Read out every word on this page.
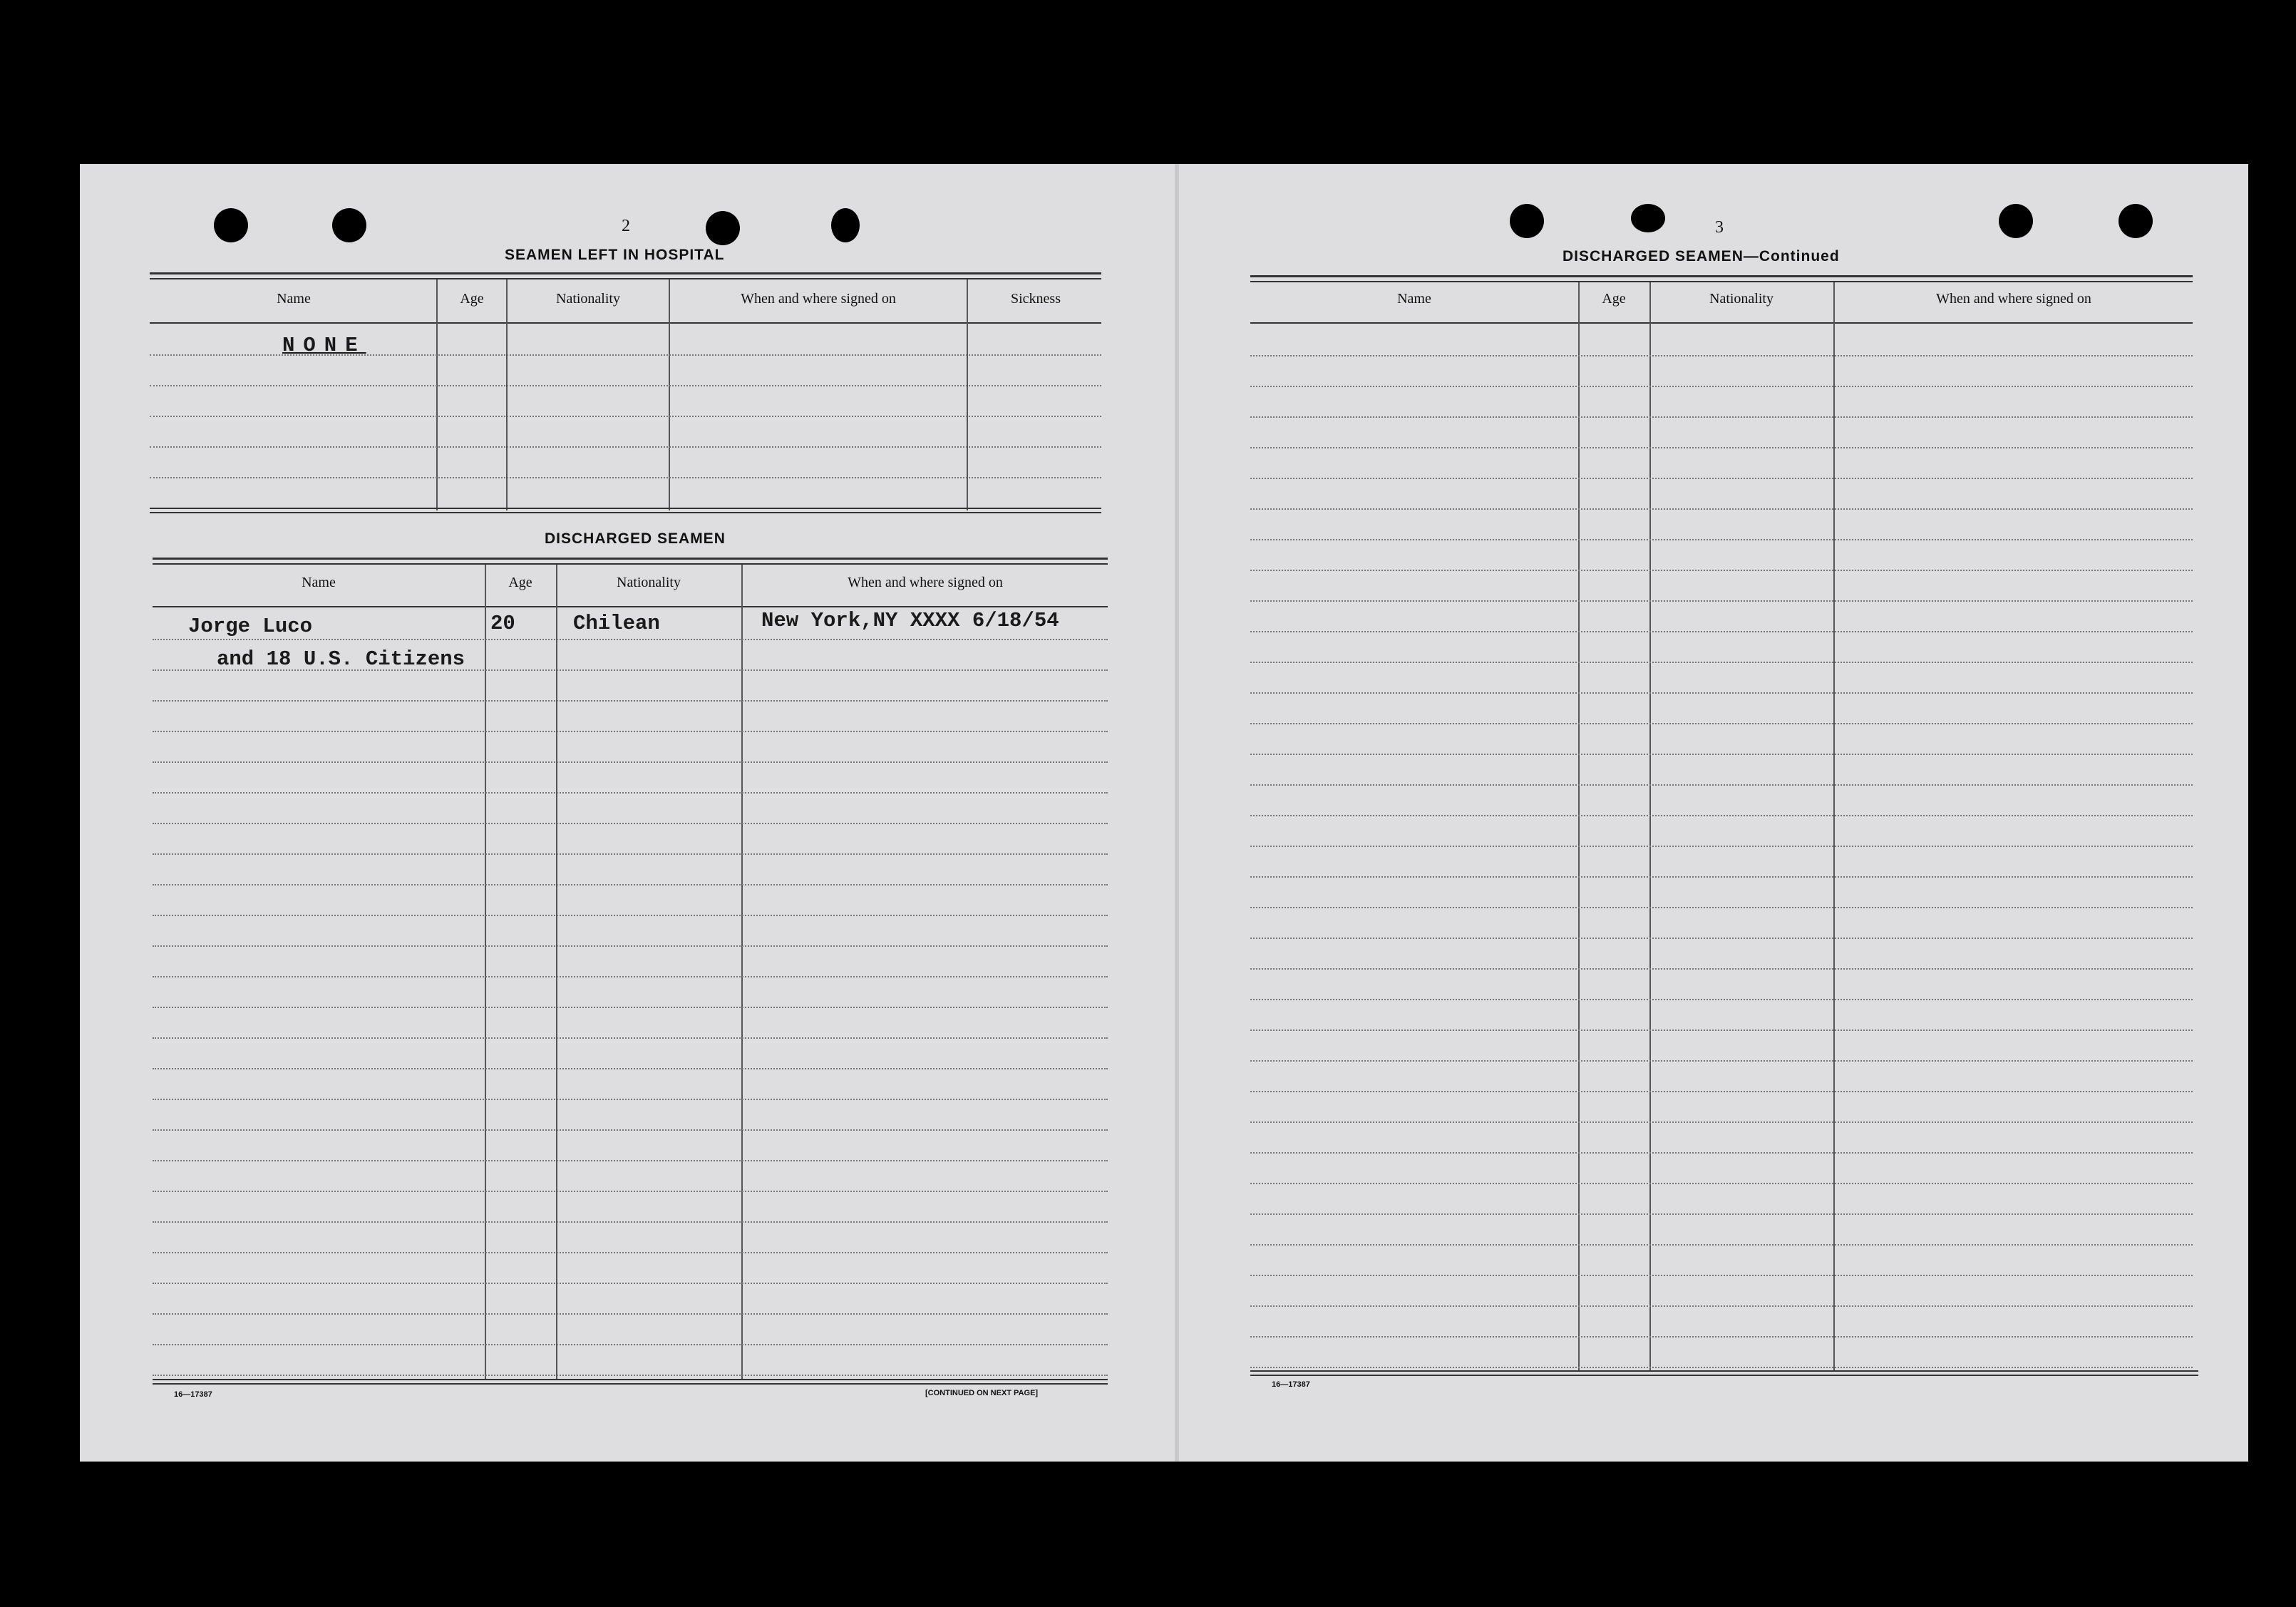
2
SEAMEN LEFT IN HOSPITAL
Name	Age	Nationality	When and where signed on	Sickness
NONE
DISCHARGED SEAMEN
Name	Age	Nationality	When and where signed on
Jorge Luco	20	Chilean	New York,NY XXXX 6/18/54
and 18 U.S. Citizens
16—17387	[CONTINUED ON NEXT PAGE]
3
DISCHARGED SEAMEN—Continued
Name	Age	Nationality	When and where signed on
16—17387
